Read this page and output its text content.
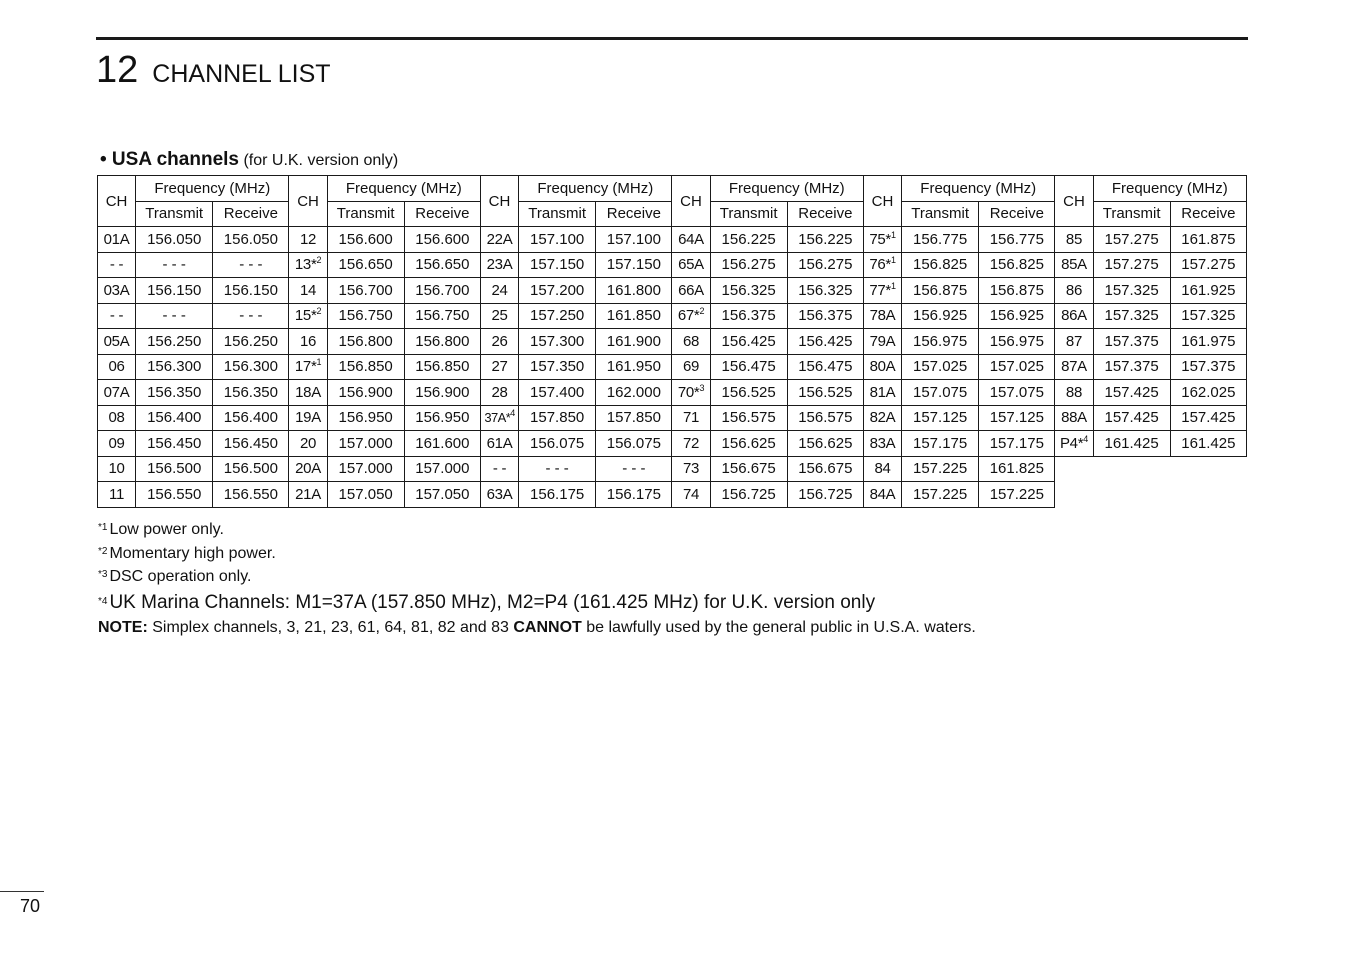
12 CHANNEL LIST
• USA channels (for U.K. version only)
CH	Frequency (MHz)		CH	Frequency (MHz)		CH	Frequency (MHz)		CH	Frequency (MHz)		CH	Frequency (MHz)		CH	Frequency (MHz)	
	Transmit	Receive		Transmit	Receive		Transmit	Receive		Transmit	Receive		Transmit	Receive		Transmit	Receive
01A	156.050	156.050	12	156.600	156.600	22A	157.100	157.100	64A	156.225	156.225	75*$^1$	156.775	156.775	85	157.275	161.875
- -	- - -	- - -	13*$^2$	156.650	156.650	23A	157.150	157.150	65A	156.275	156.275	76*$^1$	156.825	156.825	85A	157.275	157.275
03A	156.150	156.150	14	156.700	156.700	24	157.200	161.800	66A	156.325	156.325	77*$^1$	156.875	156.875	86	157.325	161.925
- -	- - -	- - -	15*$^2$	156.750	156.750	25	157.250	161.850	67*$^2$	156.375	156.375	78A	156.925	156.925	86A	157.325	157.325
05A	156.250	156.250	16	156.800	156.800	26	157.300	161.900	68	156.425	156.425	79A	156.975	156.975	87	157.375	161.975
06	156.300	156.300	17*$^1$	156.850	156.850	27	157.350	161.950	69	156.475	156.475	80A	157.025	157.025	87A	157.375	157.375
07A	156.350	156.350	18A	156.900	156.900	28	157.400	162.000	70*$^3$	156.525	156.525	81A	157.075	157.075	88	157.425	162.025
08	156.400	156.400	19A	156.950	156.950	37A*$^4$	157.850	157.850	71	156.575	156.575	82A	157.125	157.125	88A	157.425	157.425
09	156.450	156.450	20	157.000	161.600	61A	156.075	156.075	72	156.625	156.625	83A	157.175	157.175	P4*$^4$	161.425	161.425
10	156.500	156.500	20A	157.000	157.000	- -	- - -	- - -	73	156.675	156.675	84	157.225	161.825			
11	156.550	156.550	21A	157.050	157.050	63A	156.175	156.175	74	156.725	156.725	84A	157.225	157.225			
$^{*1}$ Low power only.
$^{*2}$ Momentary high power.
$^{*3}$ DSC operation only.
$^{*4}$ UK Marina Channels: M1=37A (157.850 MHz), M2=P4 (161.425 MHz) for U.K. version only
NOTE: Simplex channels, 3, 21, 23, 61, 64, 81, 82 and 83 CANNOT be lawfully used by the general public in U.S.A. waters.
70
